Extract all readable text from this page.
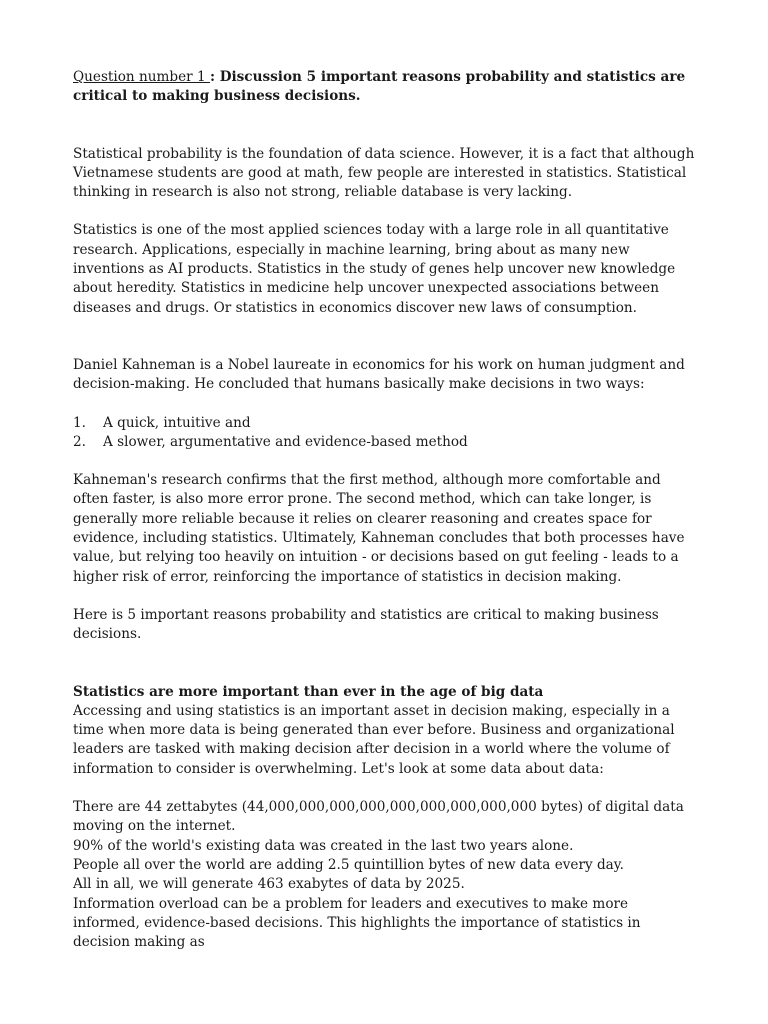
Question number 1 : Discussion 5 important reasons probability and statistics are critical to making business decisions.

Statistical probability is the foundation of data science. However, it is a fact that although Vietnamese students are good at math, few people are interested in statistics. Statistical thinking in research is also not strong, reliable database is very lacking.

Statistics is one of the most applied sciences today with a large role in all quantitative research. Applications, especially in machine learning, bring about as many new inventions as AI products. Statistics in the study of genes help uncover new knowledge about heredity. Statistics in medicine help uncover unexpected associations between diseases and drugs. Or statistics in economics discover new laws of consumption.

Daniel Kahneman is a Nobel laureate in economics for his work on human judgment and decision-making. He concluded that humans basically make decisions in two ways:

1.	A quick, intuitive and
2.	A slower, argumentative and evidence-based method

Kahneman's research confirms that the first method, although more comfortable and often faster, is also more error prone. The second method, which can take longer, is generally more reliable because it relies on clearer reasoning and creates space for evidence, including statistics. Ultimately, Kahneman concludes that both processes have value, but relying too heavily on intuition - or decisions based on gut feeling - leads to a higher risk of error, reinforcing the importance of statistics in decision making.

Here is 5 important reasons probability and statistics are critical to making business decisions.

Statistics are more important than ever in the age of big data

Accessing and using statistics is an important asset in decision making, especially in a time when more data is being generated than ever before. Business and organizational leaders are tasked with making decision after decision in a world where the volume of information to consider is overwhelming. Let's look at some data about data:

There are 44 zettabytes (44,000,000,000,000,000,000,000,000,000 bytes) of digital data moving on the internet.

90% of the world's existing data was created in the last two years alone.

People all over the world are adding 2.5 quintillion bytes of new data every day.

All in all, we will generate 463 exabytes of data by 2025.

Information overload can be a problem for leaders and executives to make more informed, evidence-based decisions. This highlights the importance of statistics in decision making as
